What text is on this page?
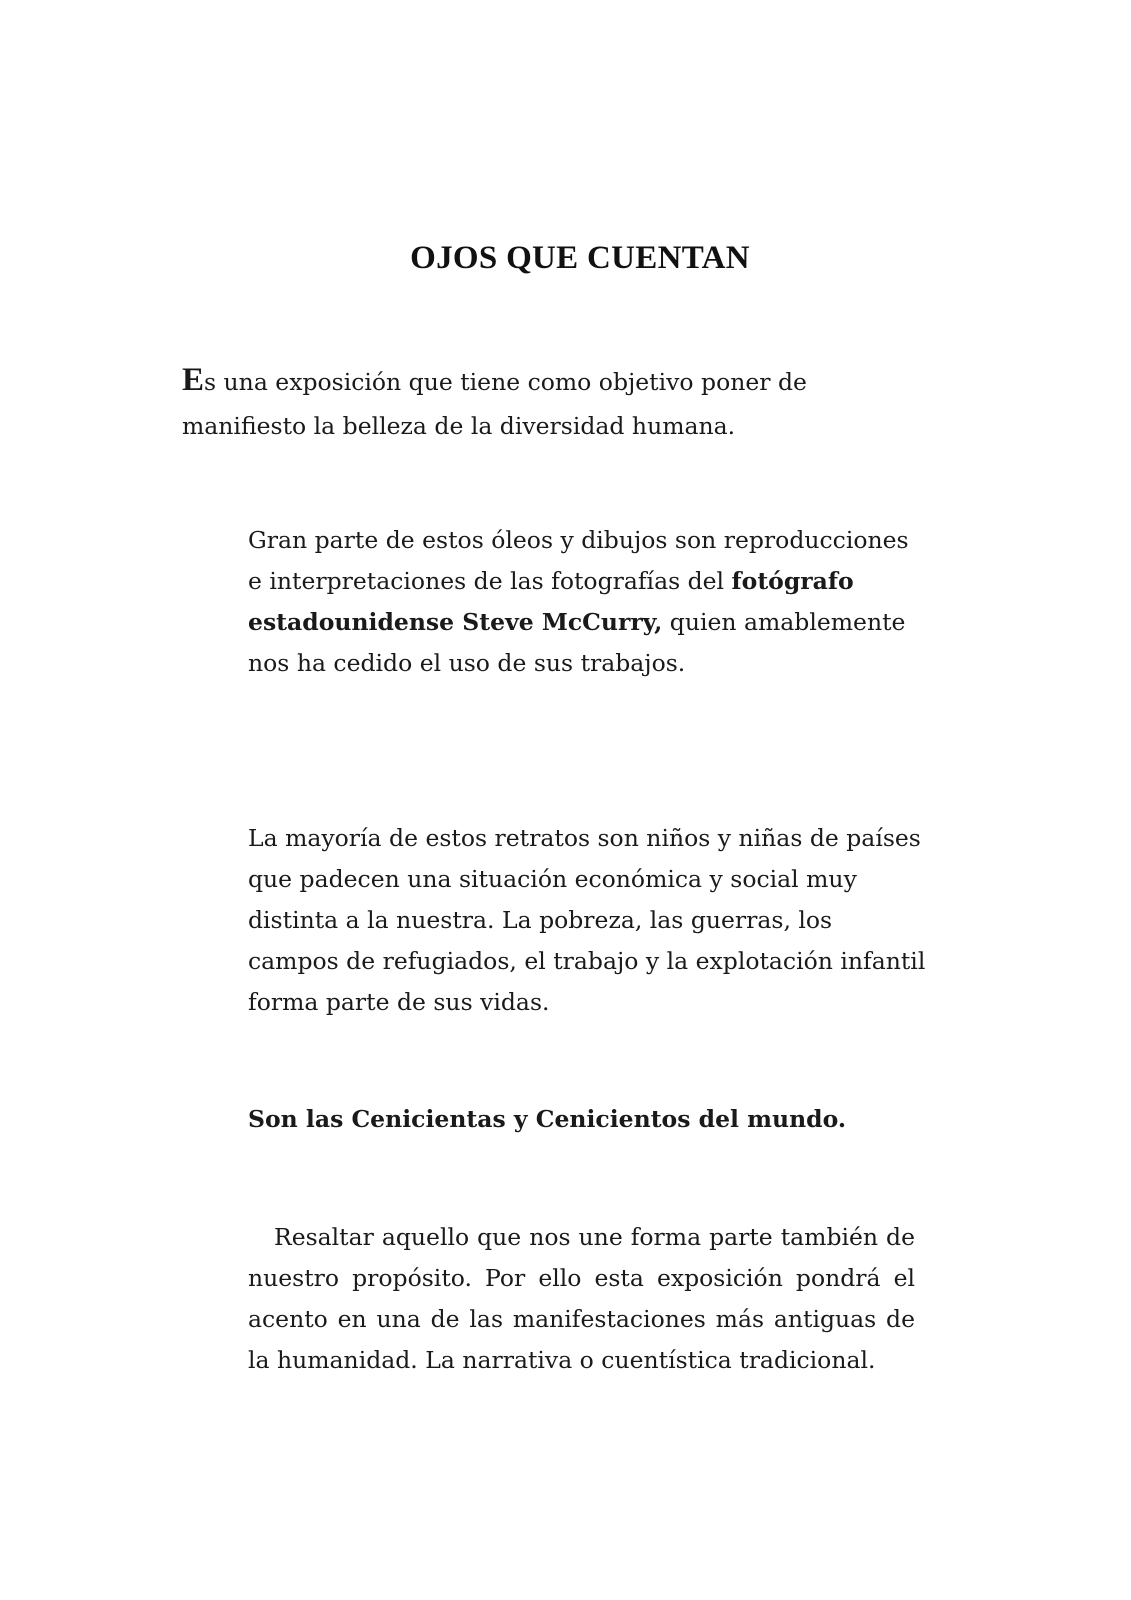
OJOS QUE CUENTAN

Es una exposición que tiene como objetivo poner de manifiesto la belleza de la diversidad humana.

Gran parte de estos óleos y dibujos son reproducciones e interpretaciones de las fotografías del fotógrafo estadounidense Steve McCurry, quien amablemente nos ha cedido el uso de sus trabajos.

La mayoría de estos retratos son niños y niñas de países que padecen una situación económica y social muy distinta a la nuestra. La pobreza, las guerras, los campos de refugiados, el trabajo y la explotación infantil forma parte de sus vidas.

Son las Cenicientas y Cenicientos del mundo.

Resaltar aquello que nos une forma parte también de nuestro propósito. Por ello esta exposición pondrá el acento en una de las manifestaciones más antiguas de la humanidad. La narrativa o cuentística tradicional.
